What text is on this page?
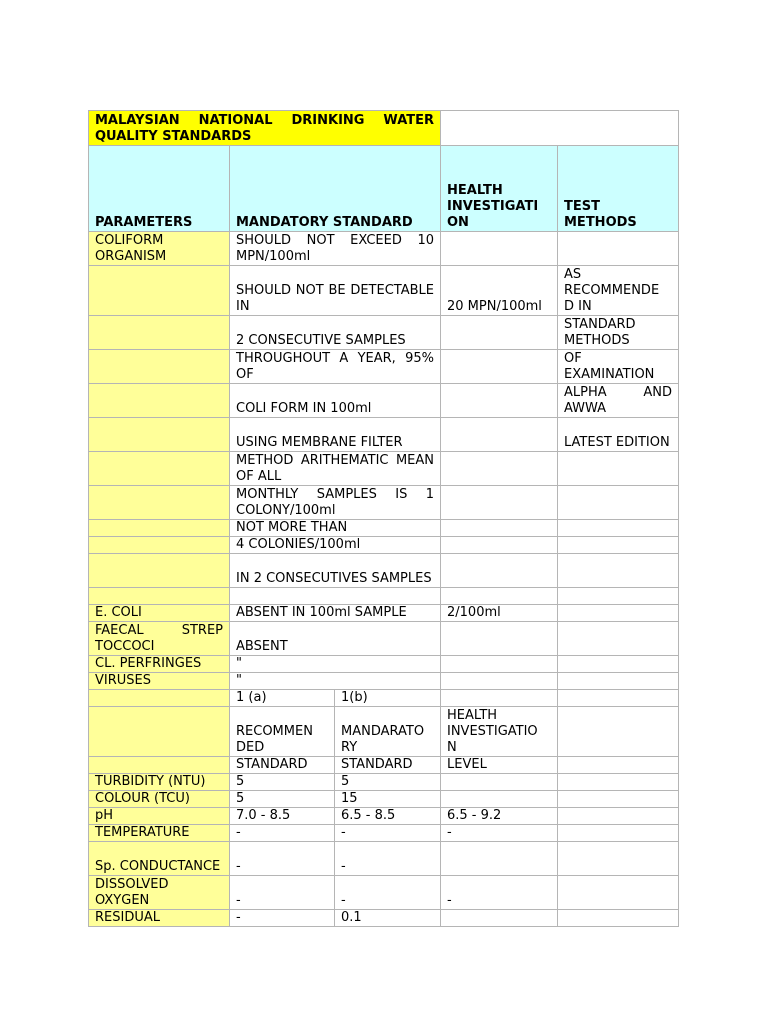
MALAYSIAN NATIONAL DRINKING WATER QUALITY STANDARDS				
PARAMETERS	MANDATORY STANDARD		HEALTH INVESTIGATI ON	TEST METHODS
COLIFORM ORGANISM	SHOULD NOT EXCEED 10 MPN/100ml			
	SHOULD NOT BE DETECTABLE IN		20 MPN/100ml	AS RECOMMENDE D IN
	2 CONSECUTIVE SAMPLES			STANDARD METHODS
	THROUGHOUT A YEAR, 95% OF			OF EXAMINATION
	COLI FORM IN 100ml			ALPHA AND AWWA
	USING MEMBRANE FILTER			LATEST EDITION
	METHOD ARITHEMATIC MEAN OF ALL			
	MONTHLY SAMPLES IS 1 COLONY/100ml			
	NOT MORE THAN			
	4 COLONIES/100ml			
	IN 2 CONSECUTIVES SAMPLES			

E. COLI	ABSENT IN 100ml SAMPLE		2/100ml	
FAECAL STREP TOCCOCI	ABSENT			
CL. PERFRINGES	"			
VIRUSES	"			
	1 (a)	1(b)		
	RECOMMEN DED	MANDARATO RY	HEALTH INVESTIGATIO N	
	STANDARD	STANDARD	LEVEL	
TURBIDITY (NTU)	5	5		
COLOUR (TCU)	5	15		
pH	7.0 - 8.5	6.5 - 8.5	6.5 - 9.2	
TEMPERATURE	-	-	-	
Sp. CONDUCTANCE	-	-		
DISSOLVED OXYGEN	-	-	-	
RESIDUAL	-	0.1		
